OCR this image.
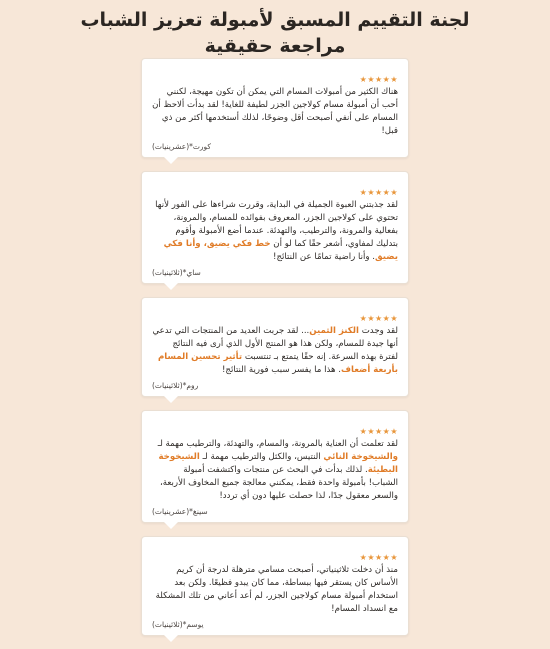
لجنة التقييم المسبق لأمبولة تعزيز الشباب
مراجعة حقيقية
★★★★★
هناك الكثير من أمبولات المسام التي يمكن أن تكون مهيجة، لكنني أحب أن أمبولة مسام كولاجين الجزر لطيفة للغاية! لقد بدأت ألاحظ أن المسام على أنفي أصبحت أقل وضوحًا، لذلك أستخدمها أكثر من ذي قبل!
كورت*(عشرينيات)
★★★★★
لقد جذبتني العبوة الجميلة في البداية، وقررت شراءها على الفور لأنها تحتوي على كولاجين الجزر، المعروف بفوائده للمسام، والمرونة، بفعالية والمرونة، والترطيب، والتهدئة. عندما أضع الأمبولة وأقوم بتدليك لمفاوي، أشعر حقًا كما لو أن خط فكي يضيق، وأنا فكي يضيق. وأنا راضية تمامًا عن النتائج!
ساي*(ثلاثينيات)
★★★★★
لقد وجدت الكنز الثمين... لقد جربت العديد من المنتجات التي تدعي أنها جيدة للمسام، ولكن هذا هو المنتج الأول الذي أرى فيه النتائج لفترة بهذه السرعة. إنه حقًا يتمتع بـ تنتسبت تأثير تحسين المسام بأربعة أضعاف. هذا ما يفسر سبب فورية النتائج!
روم*(ثلاثينيات)
★★★★★
لقد تعلمت أن العناية بالمرونة، والمسام، والتهدئة، والترطيب مهمة لـ والشيخوخة النائي النتيس، والكثل والترطيب مهمة لـ الشيخوخة البطيئة. لذلك بدأت في البحث عن منتجات واكتشفت أمبولة الشباب! بأمبولة واحدة فقط، يمكنني معالجة جميع المخاوف الأربعة، والسعر معقول جدًا، لذا حصلت عليها دون أي تردد!
سينغ*(عشرينيات)
★★★★★
منذ أن دخلت ثلاثينياتي، أصبحت مسامي مترهلة لدرجة أن كريم الأساس كان يستقر فيها ببساطة، مما كان يبدو فظيعًا. ولكن بعد استخدام أمبولة مسام كولاجين الجزر، لم أعد أعاني من تلك المشكلة مع انسداد المسام!
يوسم*(ثلاثينيات)
